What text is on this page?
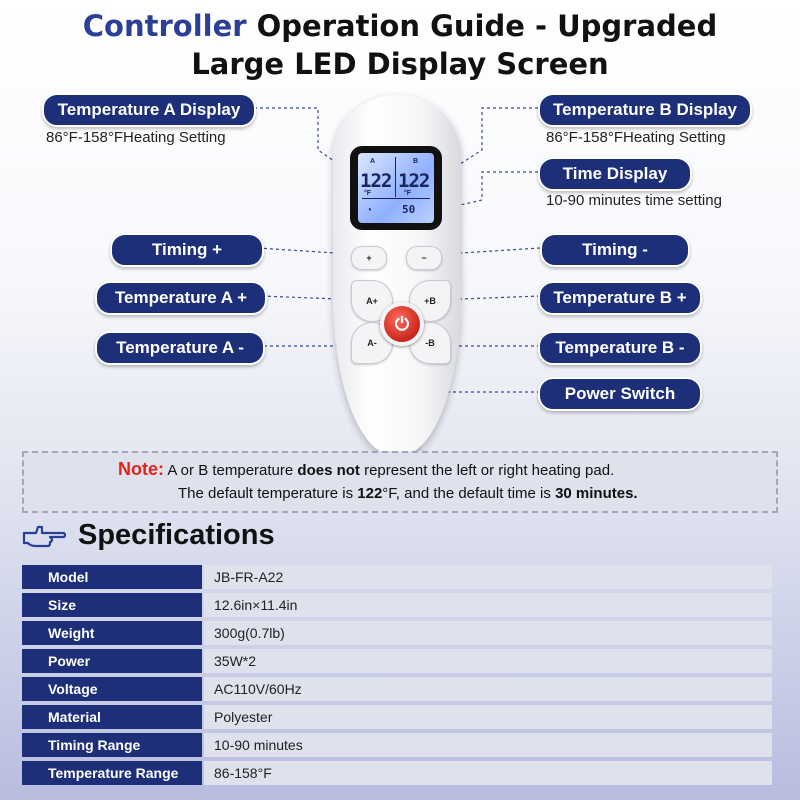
Controller Operation Guide - Upgraded
Large LED Display Screen
A	B
122 122
°F	°F
◔	50
+	−
A+	+B
A-	-B
⏻
Temperature A Display
86°F-158°FHeating Setting
Temperature B Display
86°F-158°FHeating Setting
Time Display
10-90 minutes time setting
Timing +	Timing -
Temperature A +	Temperature B +
Temperature A -	Temperature B -
Power Switch
Note: A or B temperature does not represent the left or right heating pad.
The default temperature is 122°F, and the default time is 30 minutes.
Specifications
Model	JB-FR-A22
Size	12.6in×11.4in
Weight	300g(0.7lb)
Power	35W*2
Voltage	AC110V/60Hz
Material	Polyester
Timing Range	10-90 minutes
Temperature Range	86-158°F
